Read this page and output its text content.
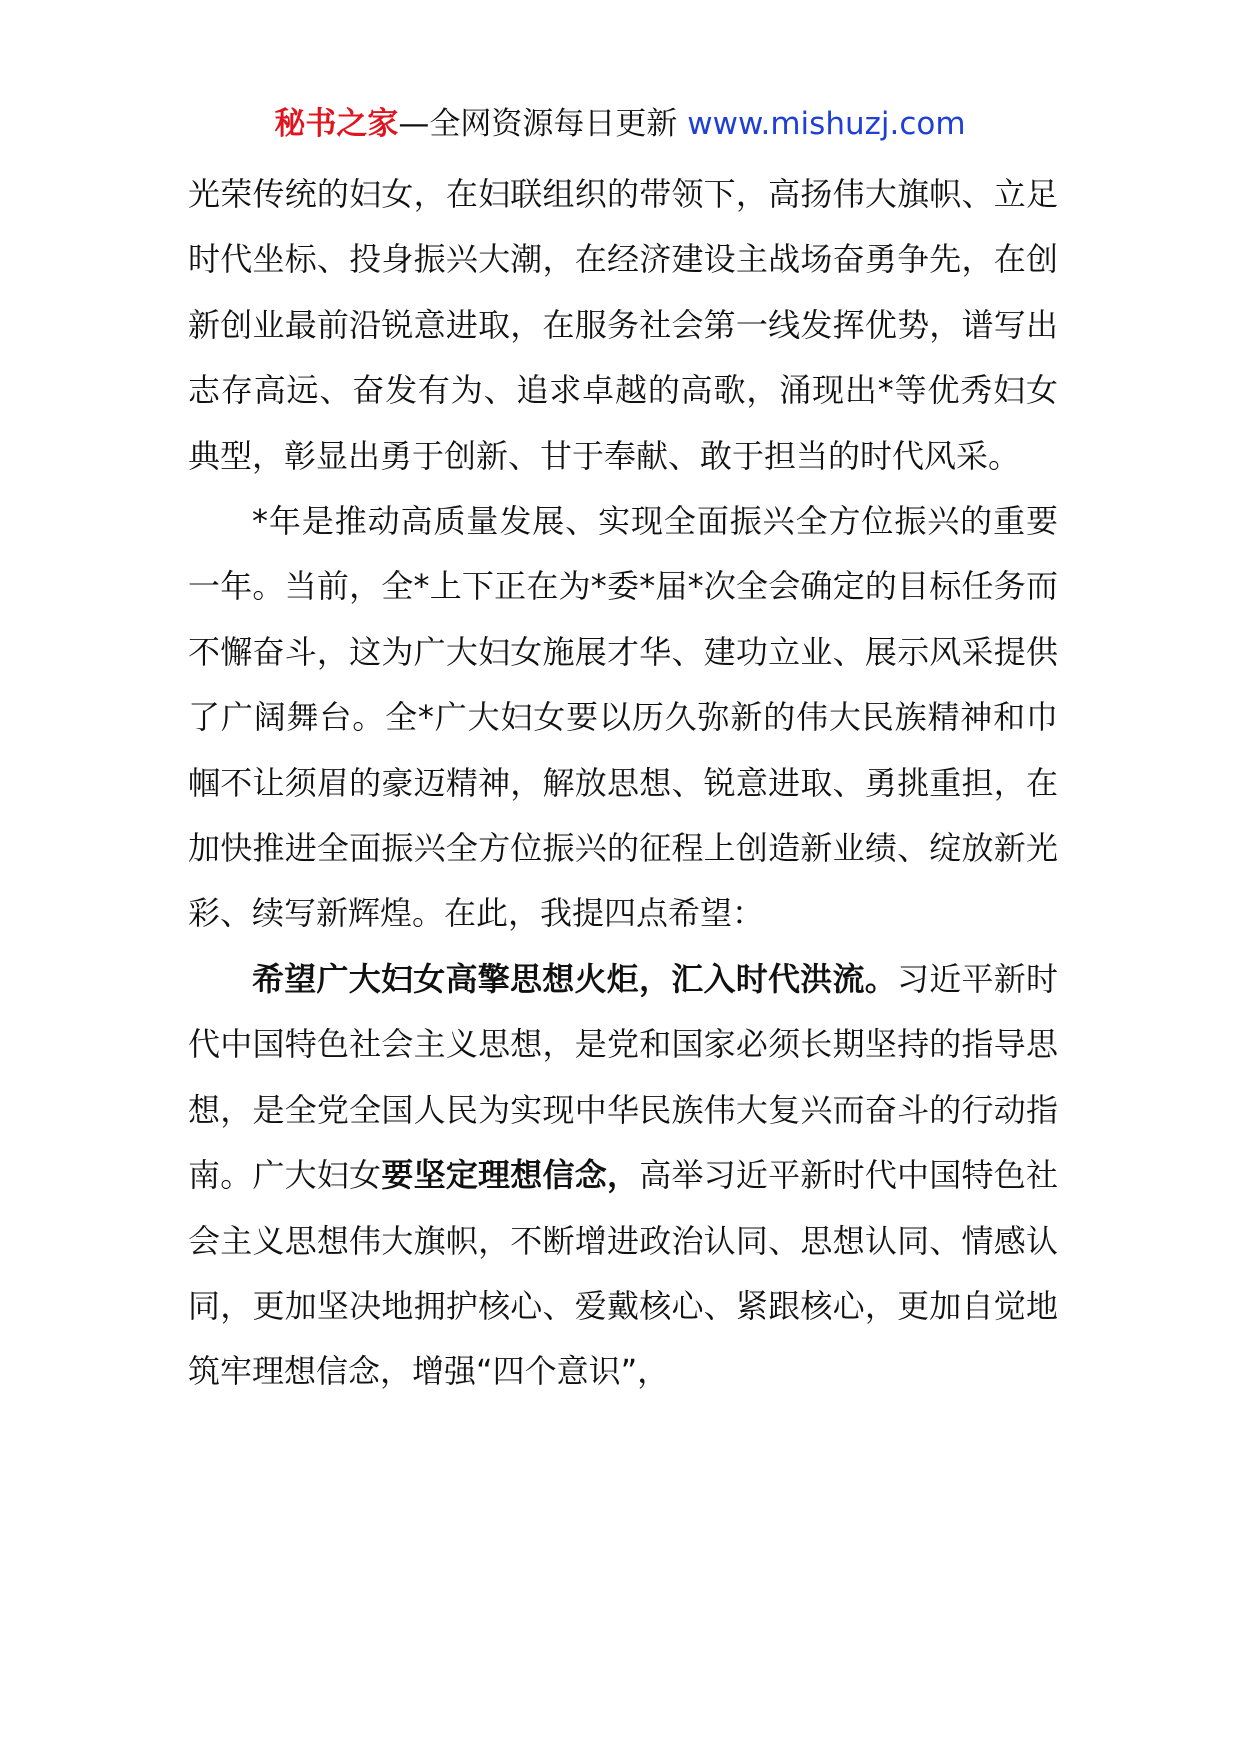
秘书之家—全网资源每日更新 www.mishuzj.com

光荣传统的妇女，在妇联组织的带领下，高扬伟大旗帜、立足时代坐标、投身振兴大潮，在经济建设主战场奋勇争先，在创新创业最前沿锐意进取，在服务社会第一线发挥优势，谱写出志存高远、奋发有为、追求卓越的高歌，涌现出*等优秀妇女典型，彰显出勇于创新、甘于奉献、敢于担当的时代风采。

*年是推动高质量发展、实现全面振兴全方位振兴的重要一年。当前，全*上下正在为*委*届*次全会确定的目标任务而不懈奋斗，这为广大妇女施展才华、建功立业、展示风采提供了广阔舞台。全*广大妇女要以历久弥新的伟大民族精神和巾帼不让须眉的豪迈精神，解放思想、锐意进取、勇挑重担，在加快推进全面振兴全方位振兴的征程上创造新业绩、绽放新光彩、续写新辉煌。在此，我提四点希望：

希望广大妇女高擎思想火炬，汇入时代洪流。习近平新时代中国特色社会主义思想，是党和国家必须长期坚持的指导思想，是全党全国人民为实现中华民族伟大复兴而奋斗的行动指南。广大妇女要坚定理想信念，高举习近平新时代中国特色社会主义思想伟大旗帜，不断增进政治认同、思想认同、情感认同，更加坚决地拥护核心、爱戴核心、紧跟核心，更加自觉地筑牢理想信念，增强“四个意识”，
